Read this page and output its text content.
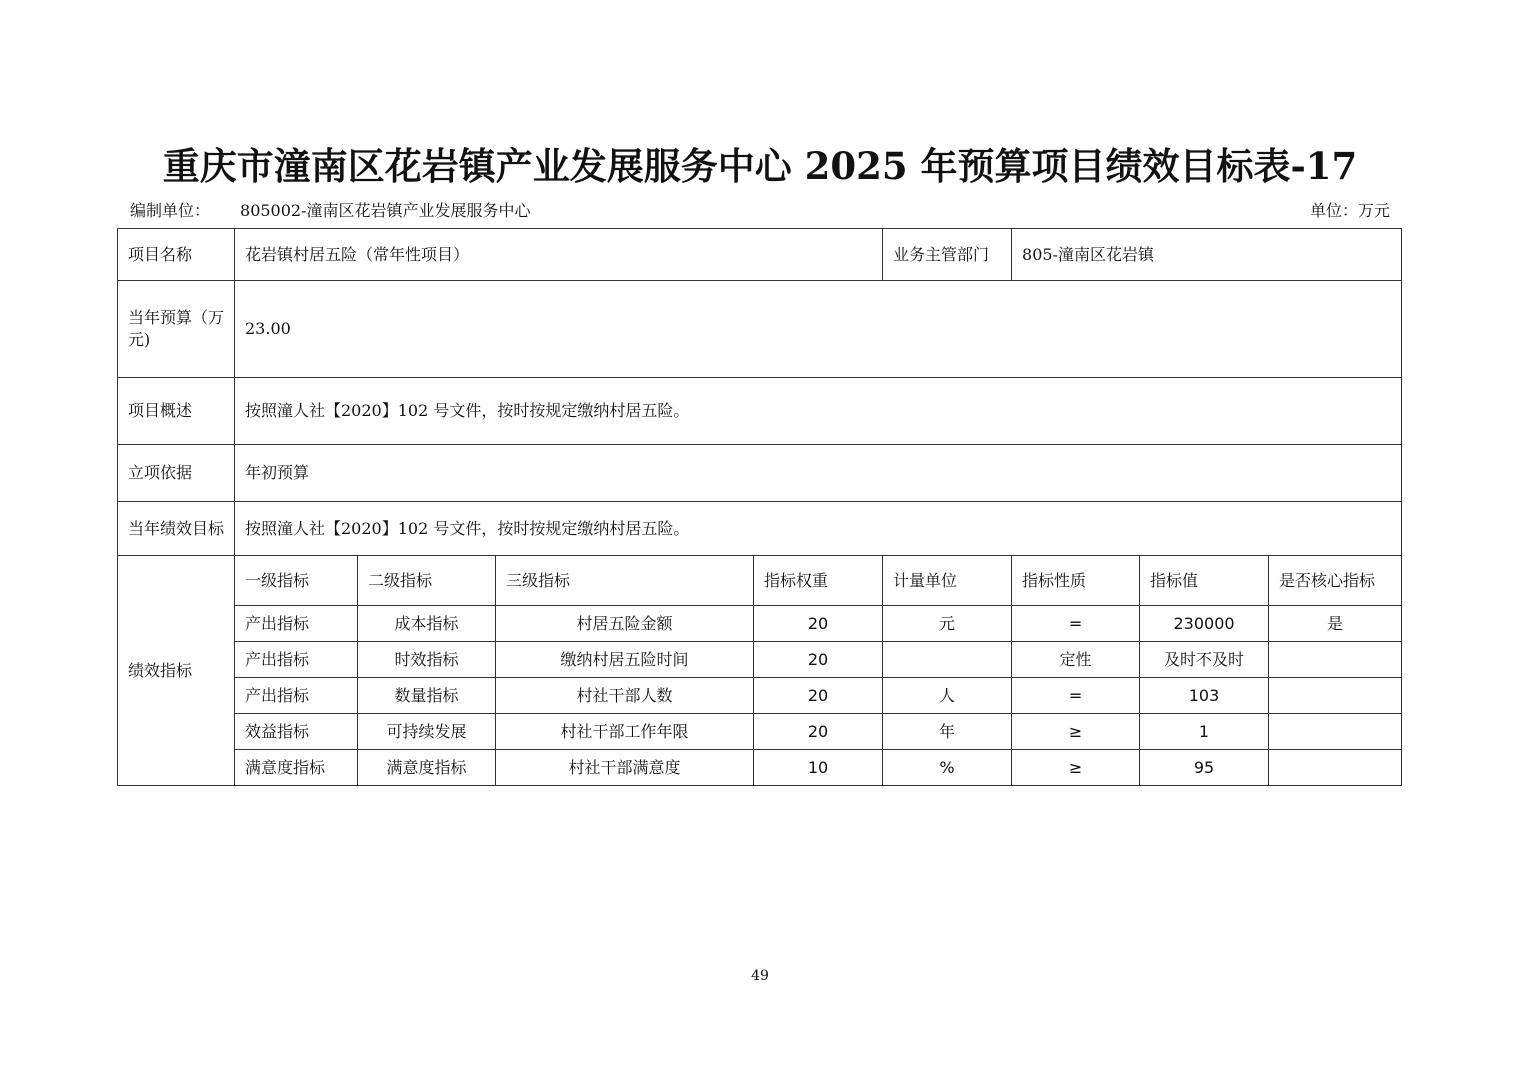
重庆市潼南区花岩镇产业发展服务中心 2025 年预算项目绩效目标表-17
编制单位： 805002-潼南区花岩镇产业发展服务中心	单位：万元
项目名称	花岩镇村居五险（常年性项目）				业务主管部门	805-潼南区花岩镇		
当年预算（万元)	23.00							
项目概述	按照潼人社【2020】102 号文件，按时按规定缴纳村居五险。							
立项依据	年初预算							
当年绩效目标	按照潼人社【2020】102 号文件，按时按规定缴纳村居五险。							
绩效指标	一级指标	二级指标	三级指标	指标权重	计量单位	指标性质	指标值	是否核心指标
	产出指标	成本指标	村居五险金额	20	元	=	230000	是
	产出指标	时效指标	缴纳村居五险时间	20		定性	及时不及时	
	产出指标	数量指标	村社干部人数	20	人	=	103	
	效益指标	可持续发展	村社干部工作年限	20	年	≥	1	
	满意度指标	满意度指标	村社干部满意度	10	%	≥	95	
49
